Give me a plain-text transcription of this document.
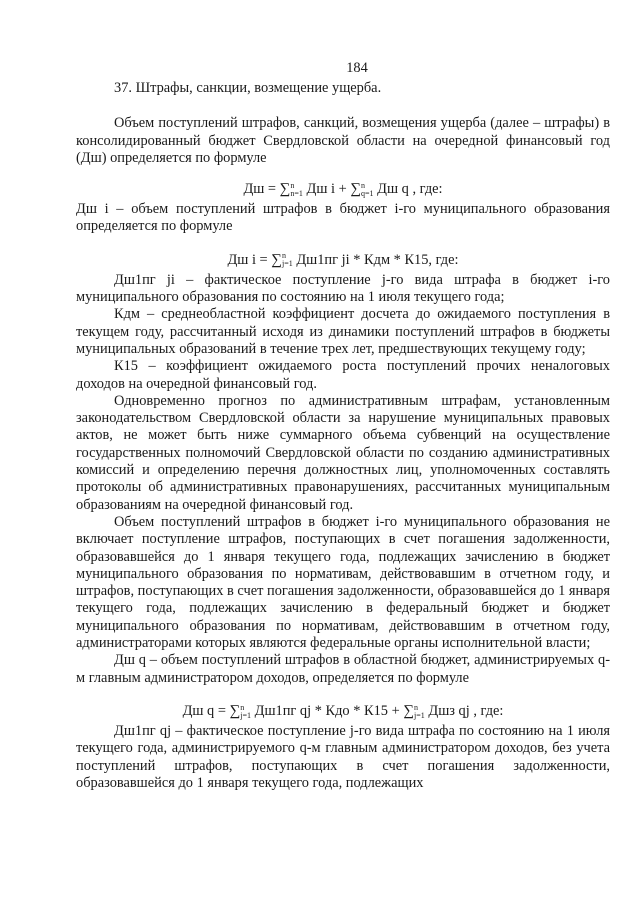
184

37. Штрафы, санкции, возмещение ущерба.

Объем поступлений штрафов, санкций, возмещения ущерба (далее – штрафы) в консолидированный бюджет Свердловской области на очередной финансовый год (Дш) определяется по формуле

Дш = ∑ n
n=1 Дш i + ∑ n
q=1 Дш q , где:

Дш i – объем поступлений штрафов в бюджет i-го муниципального образования определяется по формуле

Дш i = ∑ n
j=1 Дш1пг ji * Кдм * К15, где:

Дш1пг ji – фактическое поступление j-го вида штрафа в бюджет i-го муниципального образования по состоянию на 1 июля текущего года;

Кдм – среднеобластной коэффициент досчета до ожидаемого поступления в текущем году, рассчитанный исходя из динамики поступлений штрафов в бюджеты муниципальных образований в течение трех лет, предшествующих текущему году;

К15 – коэффициент ожидаемого роста поступлений прочих неналоговых доходов на очередной финансовый год.

Одновременно прогноз по административным штрафам, установленным законодательством Свердловской области за нарушение муниципальных правовых актов, не может быть ниже суммарного объема субвенций на осуществление государственных полномочий Свердловской области по созданию административных комиссий и определению перечня должностных лиц, уполномоченных составлять протоколы об административных правонарушениях, рассчитанных муниципальным образованиям на очередной финансовый год.

Объем поступлений штрафов в бюджет i-го муниципального образования не включает поступление штрафов, поступающих в счет погашения задолженности, образовавшейся до 1 января текущего года, подлежащих зачислению в бюджет муниципального образования по нормативам, действовавшим в отчетном году, и штрафов, поступающих в счет погашения задолженности, образовавшейся до 1 января текущего года, подлежащих зачислению в федеральный бюджет и бюджет муниципального образования по нормативам, действовавшим в отчетном году, администраторами которых являются федеральные органы исполнительной власти;

Дш q – объем поступлений штрафов в областной бюджет, администрируемых q-м главным администратором доходов, определяется по формуле

Дш q = ∑ n
j=1 Дш1пг qj * Кдо * К15 + ∑ n
j=1 Дшз qj , где:

Дш1пг qj – фактическое поступление j-го вида штрафа по состоянию на 1 июля текущего года, администрируемого q-м главным администратором доходов, без учета поступлений штрафов, поступающих в счет погашения задолженности, образовавшейся до 1 января текущего года, подлежащих
